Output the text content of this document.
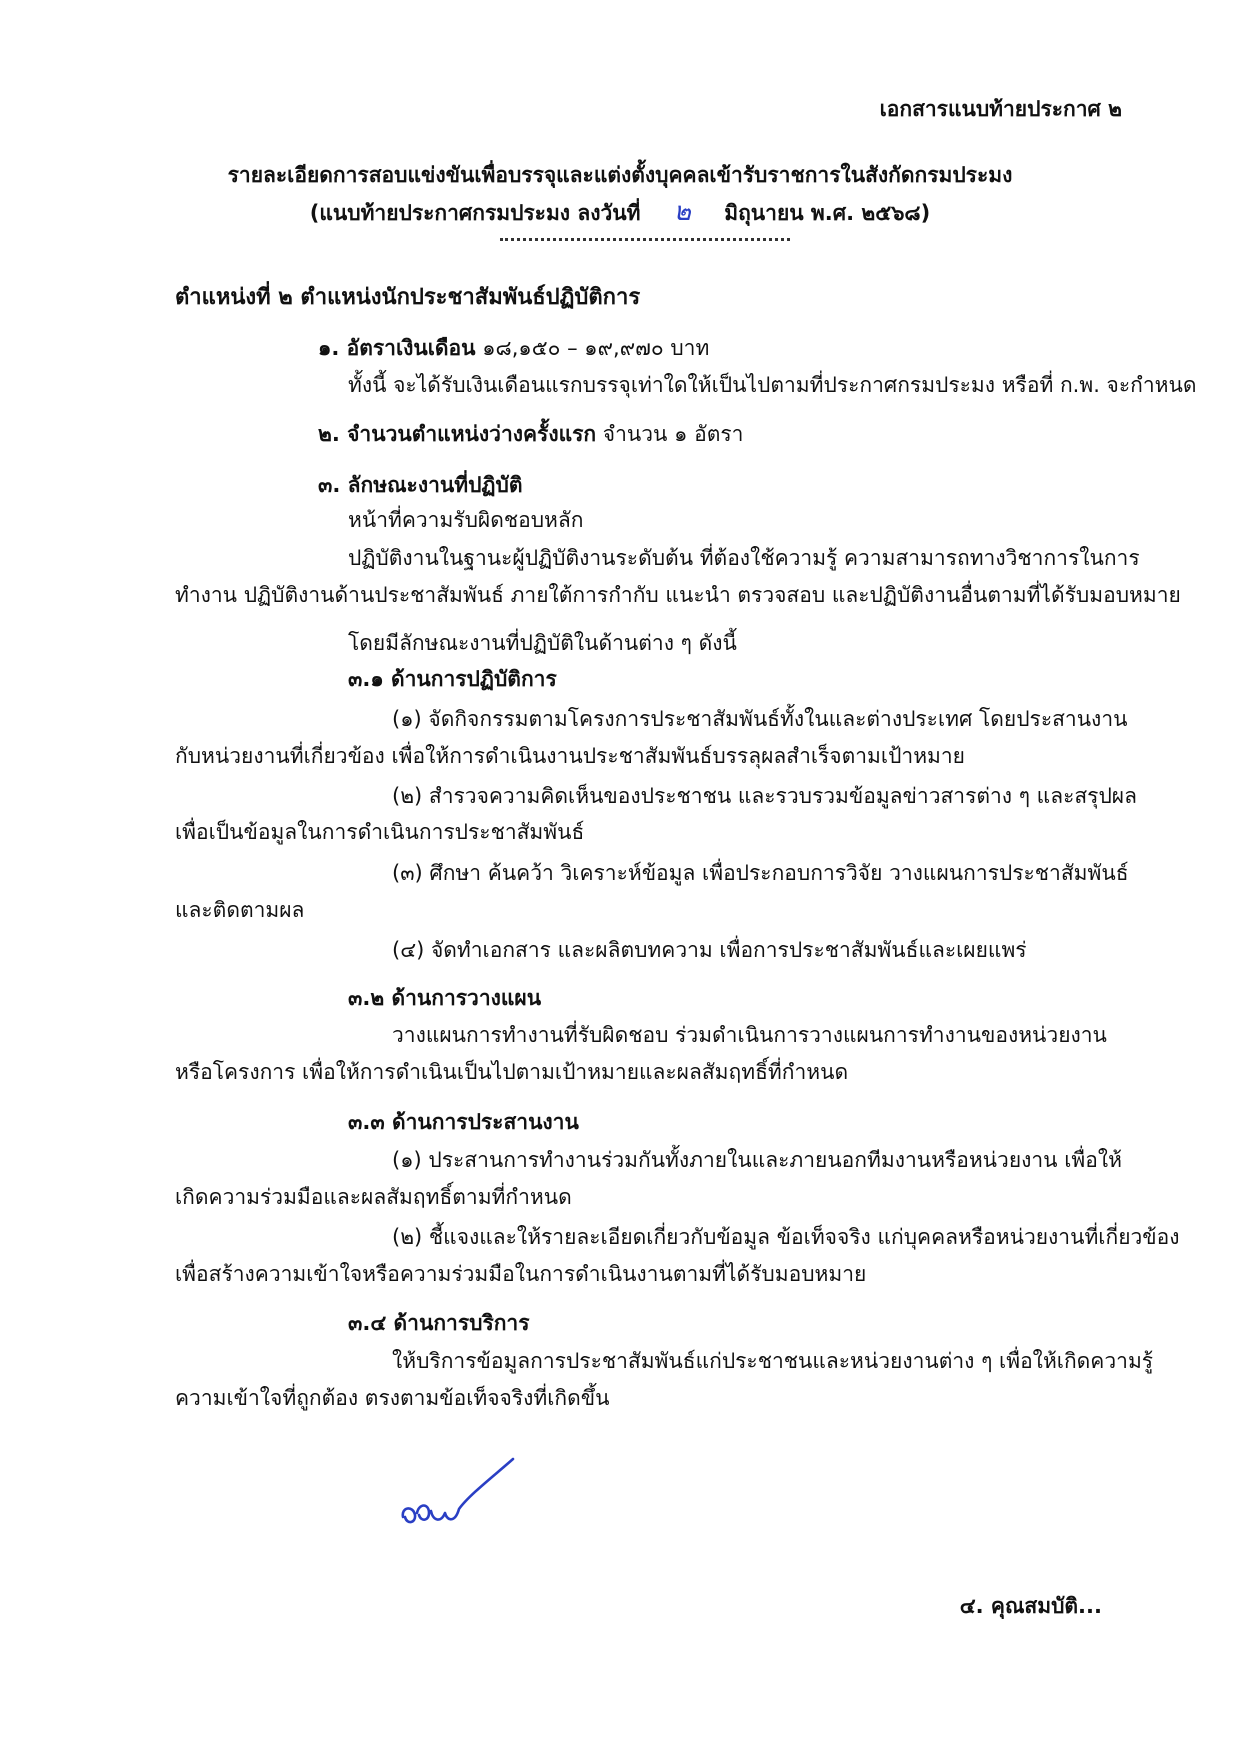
เอกสารแนบท้ายประกาศ ๒
รายละเอียดการสอบแข่งขันเพื่อบรรจุและแต่งตั้งบุคคลเข้ารับราชการในสังกัดกรมประมง
(แนบท้ายประกาศกรมประมง ลงวันที่ ๒ มิถุนายน พ.ศ. ๒๕๖๘)
ตำแหน่งที่ ๒ ตำแหน่งนักประชาสัมพันธ์ปฏิบัติการ
๑. อัตราเงินเดือน ๑๘,๑๕๐ – ๑๙,๙๗๐ บาท
ทั้งนี้ จะได้รับเงินเดือนแรกบรรจุเท่าใดให้เป็นไปตามที่ประกาศกรมประมง หรือที่ ก.พ. จะกำหนด
๒. จำนวนตำแหน่งว่างครั้งแรก จำนวน ๑ อัตรา
๓. ลักษณะงานที่ปฏิบัติ
หน้าที่ความรับผิดชอบหลัก
ปฏิบัติงานในฐานะผู้ปฏิบัติงานระดับต้น ที่ต้องใช้ความรู้ ความสามารถทางวิชาการในการ
ทำงาน ปฏิบัติงานด้านประชาสัมพันธ์ ภายใต้การกำกับ แนะนำ ตรวจสอบ และปฏิบัติงานอื่นตามที่ได้รับมอบหมาย
โดยมีลักษณะงานที่ปฏิบัติในด้านต่าง ๆ ดังนี้
๓.๑ ด้านการปฏิบัติการ
(๑) จัดกิจกรรมตามโครงการประชาสัมพันธ์ทั้งในและต่างประเทศ โดยประสานงาน
กับหน่วยงานที่เกี่ยวข้อง เพื่อให้การดำเนินงานประชาสัมพันธ์บรรลุผลสำเร็จตามเป้าหมาย
(๒) สำรวจความคิดเห็นของประชาชน และรวบรวมข้อมูลข่าวสารต่าง ๆ และสรุปผล
เพื่อเป็นข้อมูลในการดำเนินการประชาสัมพันธ์
(๓) ศึกษา ค้นคว้า วิเคราะห์ข้อมูล เพื่อประกอบการวิจัย วางแผนการประชาสัมพันธ์
และติดตามผล
(๔) จัดทำเอกสาร และผลิตบทความ เพื่อการประชาสัมพันธ์และเผยแพร่
๓.๒ ด้านการวางแผน
วางแผนการทำงานที่รับผิดชอบ ร่วมดำเนินการวางแผนการทำงานของหน่วยงาน
หรือโครงการ เพื่อให้การดำเนินเป็นไปตามเป้าหมายและผลสัมฤทธิ์ที่กำหนด
๓.๓ ด้านการประสานงาน
(๑) ประสานการทำงานร่วมกันทั้งภายในและภายนอกทีมงานหรือหน่วยงาน เพื่อให้
เกิดความร่วมมือและผลสัมฤทธิ์ตามที่กำหนด
(๒) ชี้แจงและให้รายละเอียดเกี่ยวกับข้อมูล ข้อเท็จจริง แก่บุคคลหรือหน่วยงานที่เกี่ยวข้อง
เพื่อสร้างความเข้าใจหรือความร่วมมือในการดำเนินงานตามที่ได้รับมอบหมาย
๓.๔ ด้านการบริการ
ให้บริการข้อมูลการประชาสัมพันธ์แก่ประชาชนและหน่วยงานต่าง ๆ เพื่อให้เกิดความรู้
ความเข้าใจที่ถูกต้อง ตรงตามข้อเท็จจริงที่เกิดขึ้น
๔. คุณสมบัติ...
